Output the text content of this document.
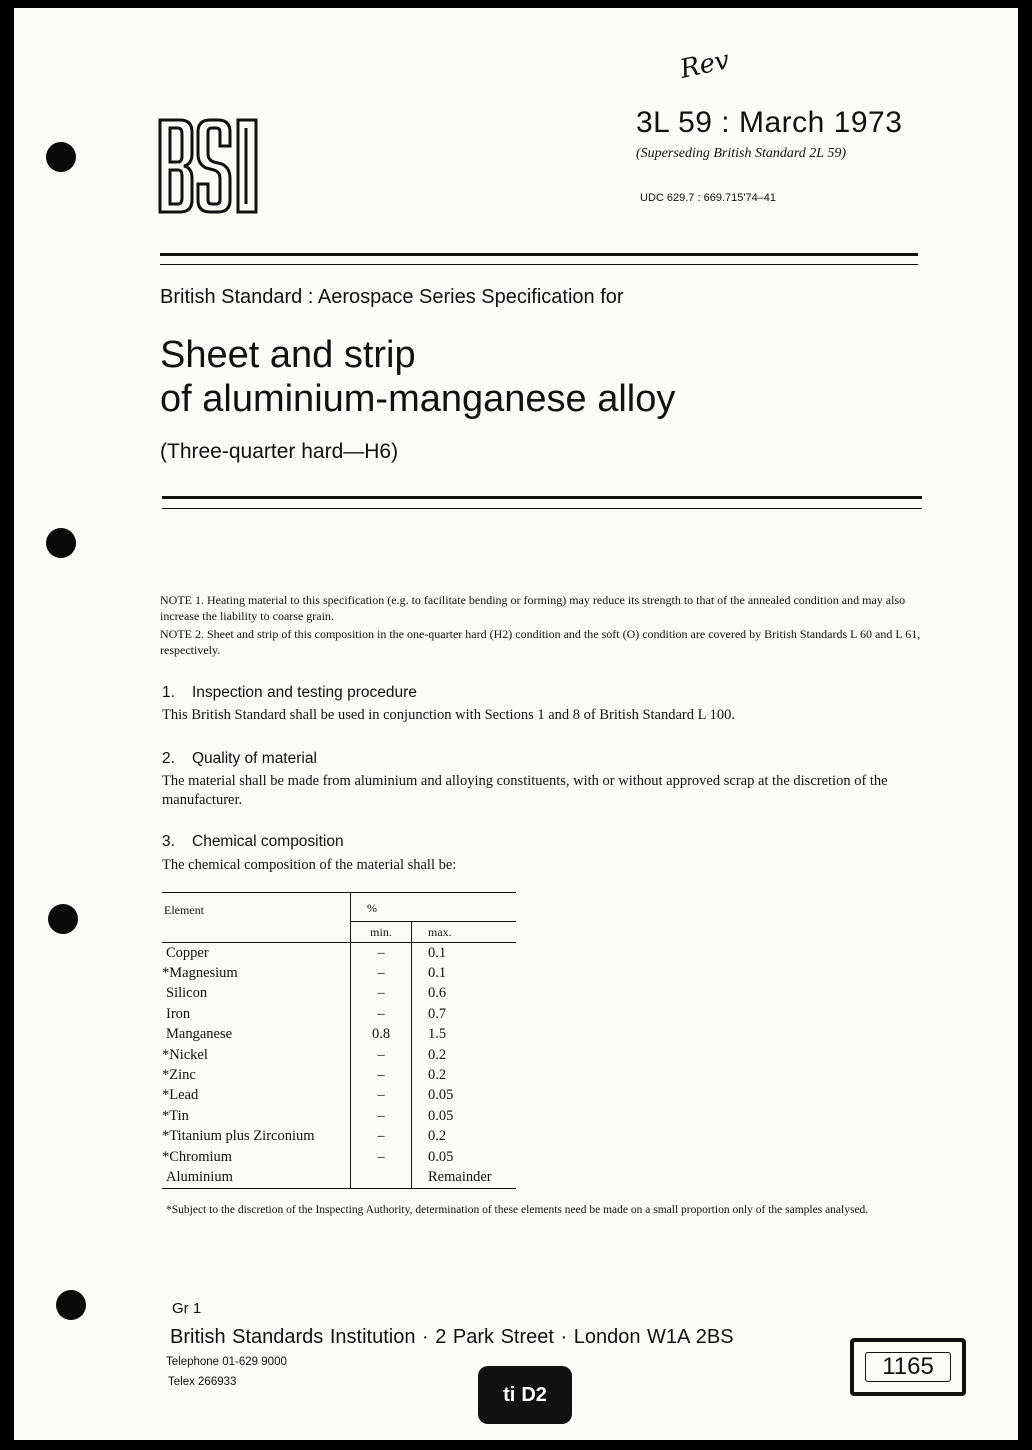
Rev
BSI	3L 59 : March 1973
(Superseding British Standard 2L 59)
UDC 629.7 : 669.715'74–41
British Standard : Aerospace Series Specification for
Sheet and strip
of aluminium-manganese alloy
(Three-quarter hard—H6)
NOTE 1. Heating material to this specification (e.g. to facilitate bending or forming) may reduce its strength to that of the annealed condition and may also increase the liability to coarse grain.
NOTE 2. Sheet and strip of this composition in the one-quarter hard (H2) condition and the soft (O) condition are covered by British Standards L 60 and L 61, respectively.
1. Inspection and testing procedure
This British Standard shall be used in conjunction with Sections 1 and 8 of British Standard L 100.
2. Quality of material
The material shall be made from aluminium and alloying constituents, with or without approved scrap at the discretion of the manufacturer.
3. Chemical composition
The chemical composition of the material shall be:
Element	%	
	min.	max.
Copper	–	0.1
*Magnesium	–	0.1
Silicon	–	0.6
Iron	–	0.7
Manganese	0.8	1.5
*Nickel	–	0.2
*Zinc	–	0.2
*Lead	–	0.05
*Tin	–	0.05
*Titanium plus Zirconium	–	0.2
*Chromium	–	0.05
Aluminium		Remainder
*Subject to the discretion of the Inspecting Authority, determination of these elements need be made on a small proportion only of the samples analysed.
Gr 1
British Standards Institution · 2 Park Street · London W1A 2BS
Telephone 01-629 9000
Telex 266933
ti D2
1165
